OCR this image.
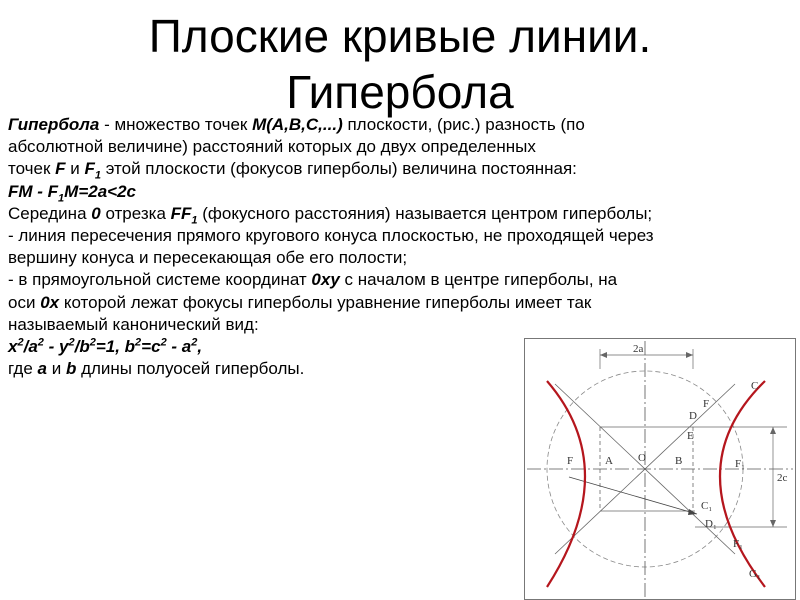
Плоские кривые линии.
Гипербола
Гипербола - множество точек M(A,B,C,...) плоскости, (рис.) разность (по
абсолютной величине) расстояний которых до двух определенных
точек F и $F_1$ этой плоскости (фокусов гиперболы) величина постоянная:
FM - $F_1M=2a<2c$
Середина 0 отрезка $FF_1$ (фокусного расстояния) называется центром гиперболы;
- линия пересечения прямого кругового конуса плоскостью, не проходящей через
вершину конуса и пересекающая обе его полости;
- в прямоугольной системе координат 0xy с началом в центре гиперболы, на
оси 0x которой лежат фокусы гиперболы уравнение гиперболы имеет так
называемый канонический вид:
$x^2/a^2 - y^2/b^2=1$, $b^2=c^2 - a^2$,
где a и b длины полуосей гиперболы.
2a
2c
F	A O	B	F₁
D
F
C
E
C₁
D₁
F₁
G₁
